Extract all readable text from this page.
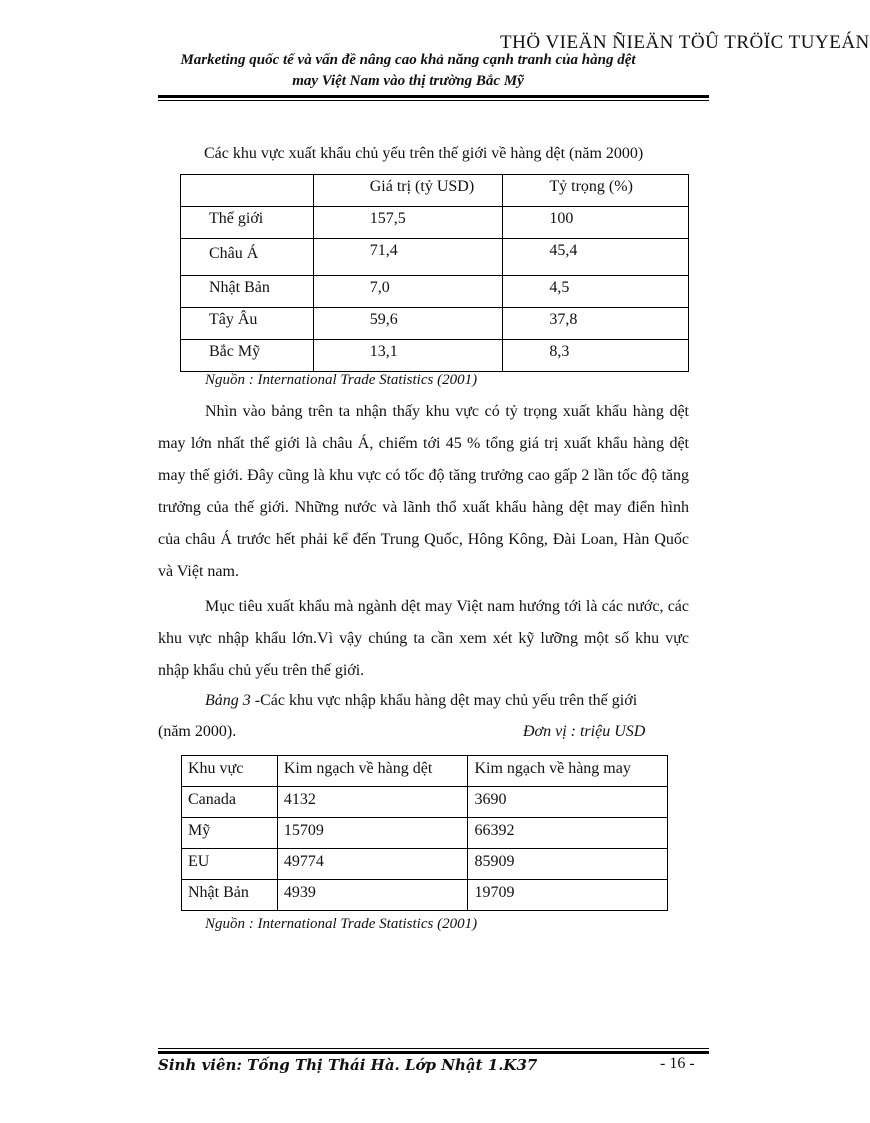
THÖ VIEÄN ÑIEÄN TÖÛ TRÖÏC TUYEÁN
Marketing quốc tế và vấn đề nâng cao khả năng cạnh tranh của hàng dệt
may Việt Nam vào thị trường Bắc Mỹ
Các khu vực xuất khẩu chủ yếu trên thế giới về hàng dệt (năm 2000)
	Giá trị (tỷ USD)	Tỷ trọng (%)
Thế giới	157,5	100
Châu Á	71,4	45,4
Nhật Bản	7,0	4,5
Tây Âu	59,6	37,8
Bắc Mỹ	13,1	8,3
Nguồn : International Trade Statistics (2001)

Nhìn vào bảng trên ta nhận thấy khu vực có tỷ trọng xuất khẩu hàng dệt may lớn nhất thế giới là châu Á, chiếm tới 45 % tổng giá trị xuất khẩu hàng dệt may thế giới. Đây cũng là khu vực có tốc độ tăng trưởng cao gấp 2 lần tốc độ tăng trưởng của thế giới. Những nước và lãnh thổ xuất khẩu hàng dệt may điển hình của châu Á trước hết phải kể đến Trung Quốc, Hông Kông, Đài Loan, Hàn Quốc và Việt nam.

Mục tiêu xuất khẩu mà ngành dệt may Việt nam hướng tới là các nước, các khu vực nhập khẩu lớn.Vì vậy chúng ta cần xem xét kỹ lưỡng một số khu vực nhập khẩu chủ yếu trên thế giới.

Bảng 3 -Các khu vực nhập khẩu hàng dệt may chủ yếu trên thế giới
(năm 2000).	Đơn vị : triệu USD
Khu vực	Kim ngạch về hàng dệt	Kim ngạch về hàng may
Canada	4132	3690
Mỹ	15709	66392
EU	49774	85909
Nhật Bản	4939	19709
Nguồn : International Trade Statistics (2001)
Sinh viên: Tống Thị Thái Hà. Lớp Nhật 1.K37	- 16 -
